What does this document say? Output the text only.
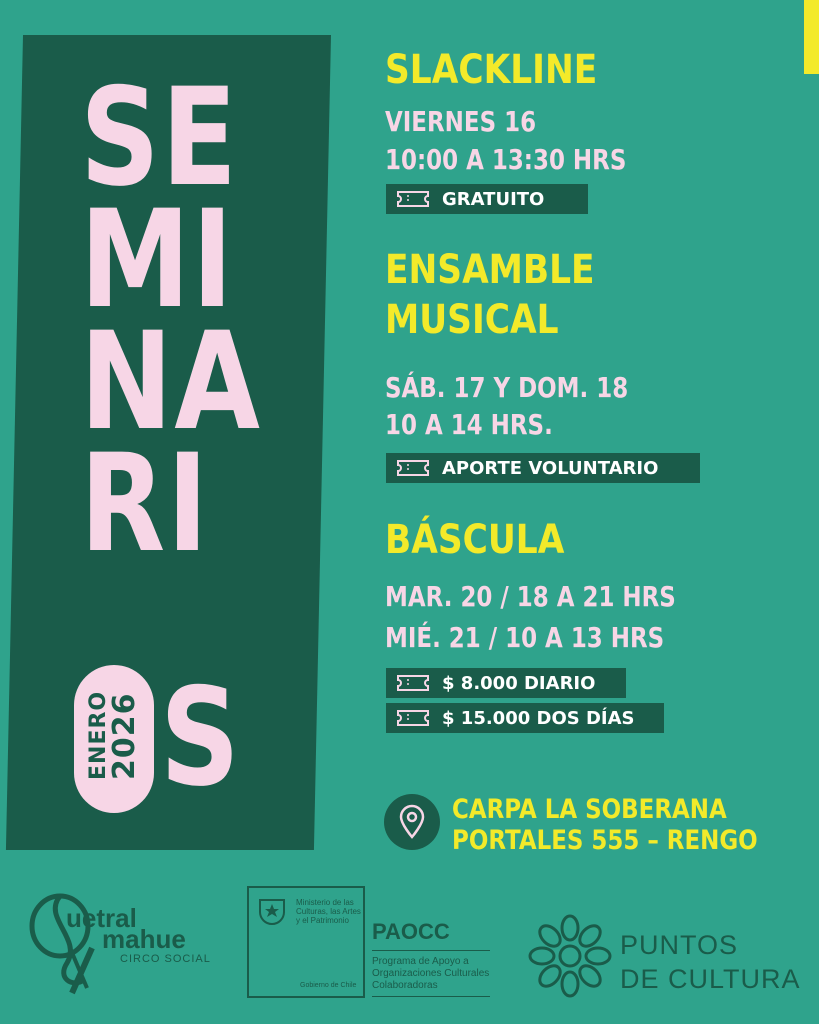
SE
MI
NA
RI
S
ENERO
2026
SLACKLINE
VIERNES 16
10:00 A 13:30 HRS
GRATUITO
ENSAMBLE
MUSICAL
SÁB. 17 Y DOM. 18
10 A 14 HRS.
APORTE VOLUNTARIO
BÁSCULA
MAR. 20 / 18 A 21 HRS
MIÉ. 21 / 10 A 13 HRS
$ 8.000 DIARIO
$ 15.000 DOS DÍAS
CARPA LA SOBERANA
PORTALES 555 – RENGO
uetral
mahue
CIRCO SOCIAL
Ministerio de las Culturas, las Artes y el Patrimonio
Gobierno de Chile
PAOCC
Programa de Apoyo a Organizaciones Culturales Colaboradoras
PUNTOS
DE CULTURA
